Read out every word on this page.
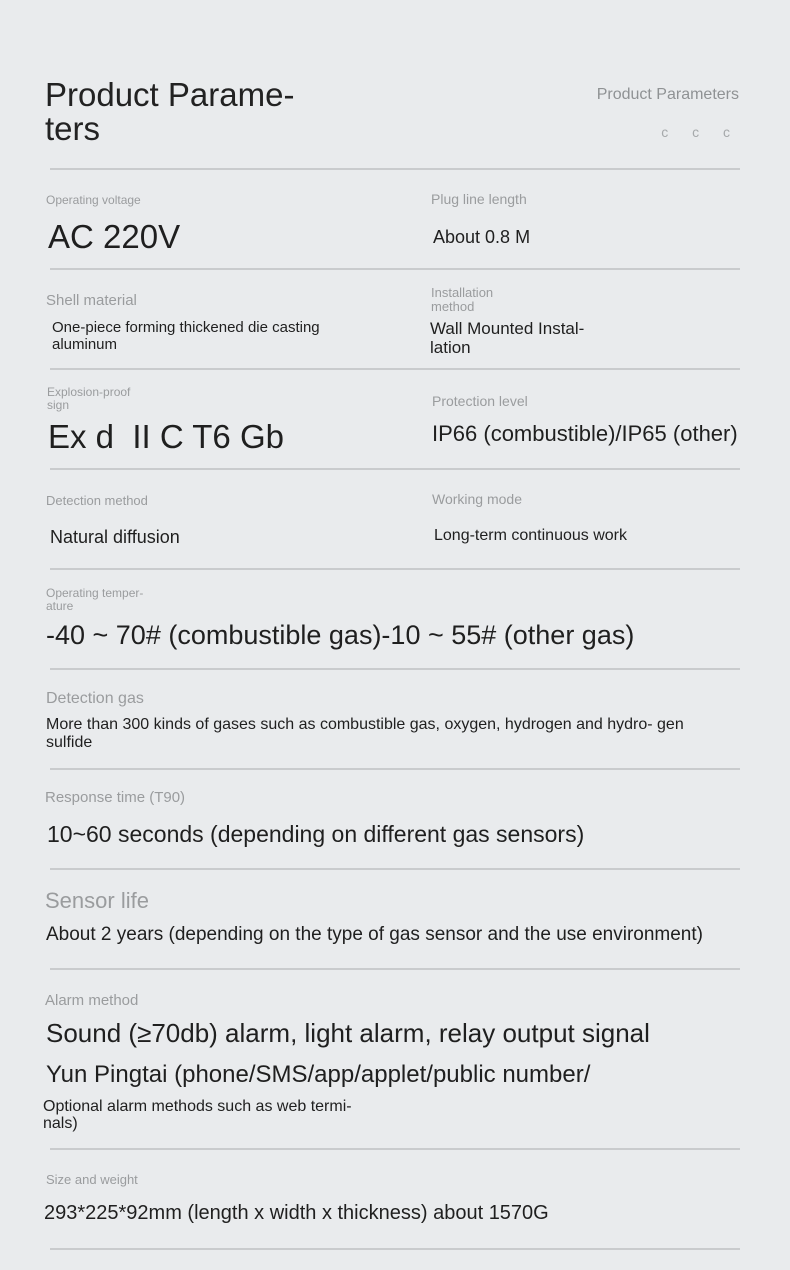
Product Parame- ters
Product Parameters
c c c
Operating voltage
AC 220V
Plug line length
About 0.8 M
Shell material
One-piece forming thickened die casting aluminum
Installation method
Wall Mounted Instal- lation
Explosion-proof sign
Ex d  II C T6 Gb
Protection level
IP66 (combustible)/IP65 (other)
Detection method
Natural diffusion
Working mode
Long-term continuous work
Operating temper- ature
-40 ~ 70# (combustible gas)-10 ~ 55# (other gas)
Detection gas
More than 300 kinds of gases such as combustible gas, oxygen, hydrogen and hydro- gen sulfide
Response time (T90)
10~60 seconds (depending on different gas sensors)
Sensor life
About 2 years (depending on the type of gas sensor and the use environment)
Alarm method
Sound (≥70db) alarm, light alarm, relay output signal
Yun Pingtai (phone/SMS/app/applet/public number/
Optional alarm methods such as web termi- nals)
Size and weight
293*225*92mm (length x width x thickness) about 1570G
